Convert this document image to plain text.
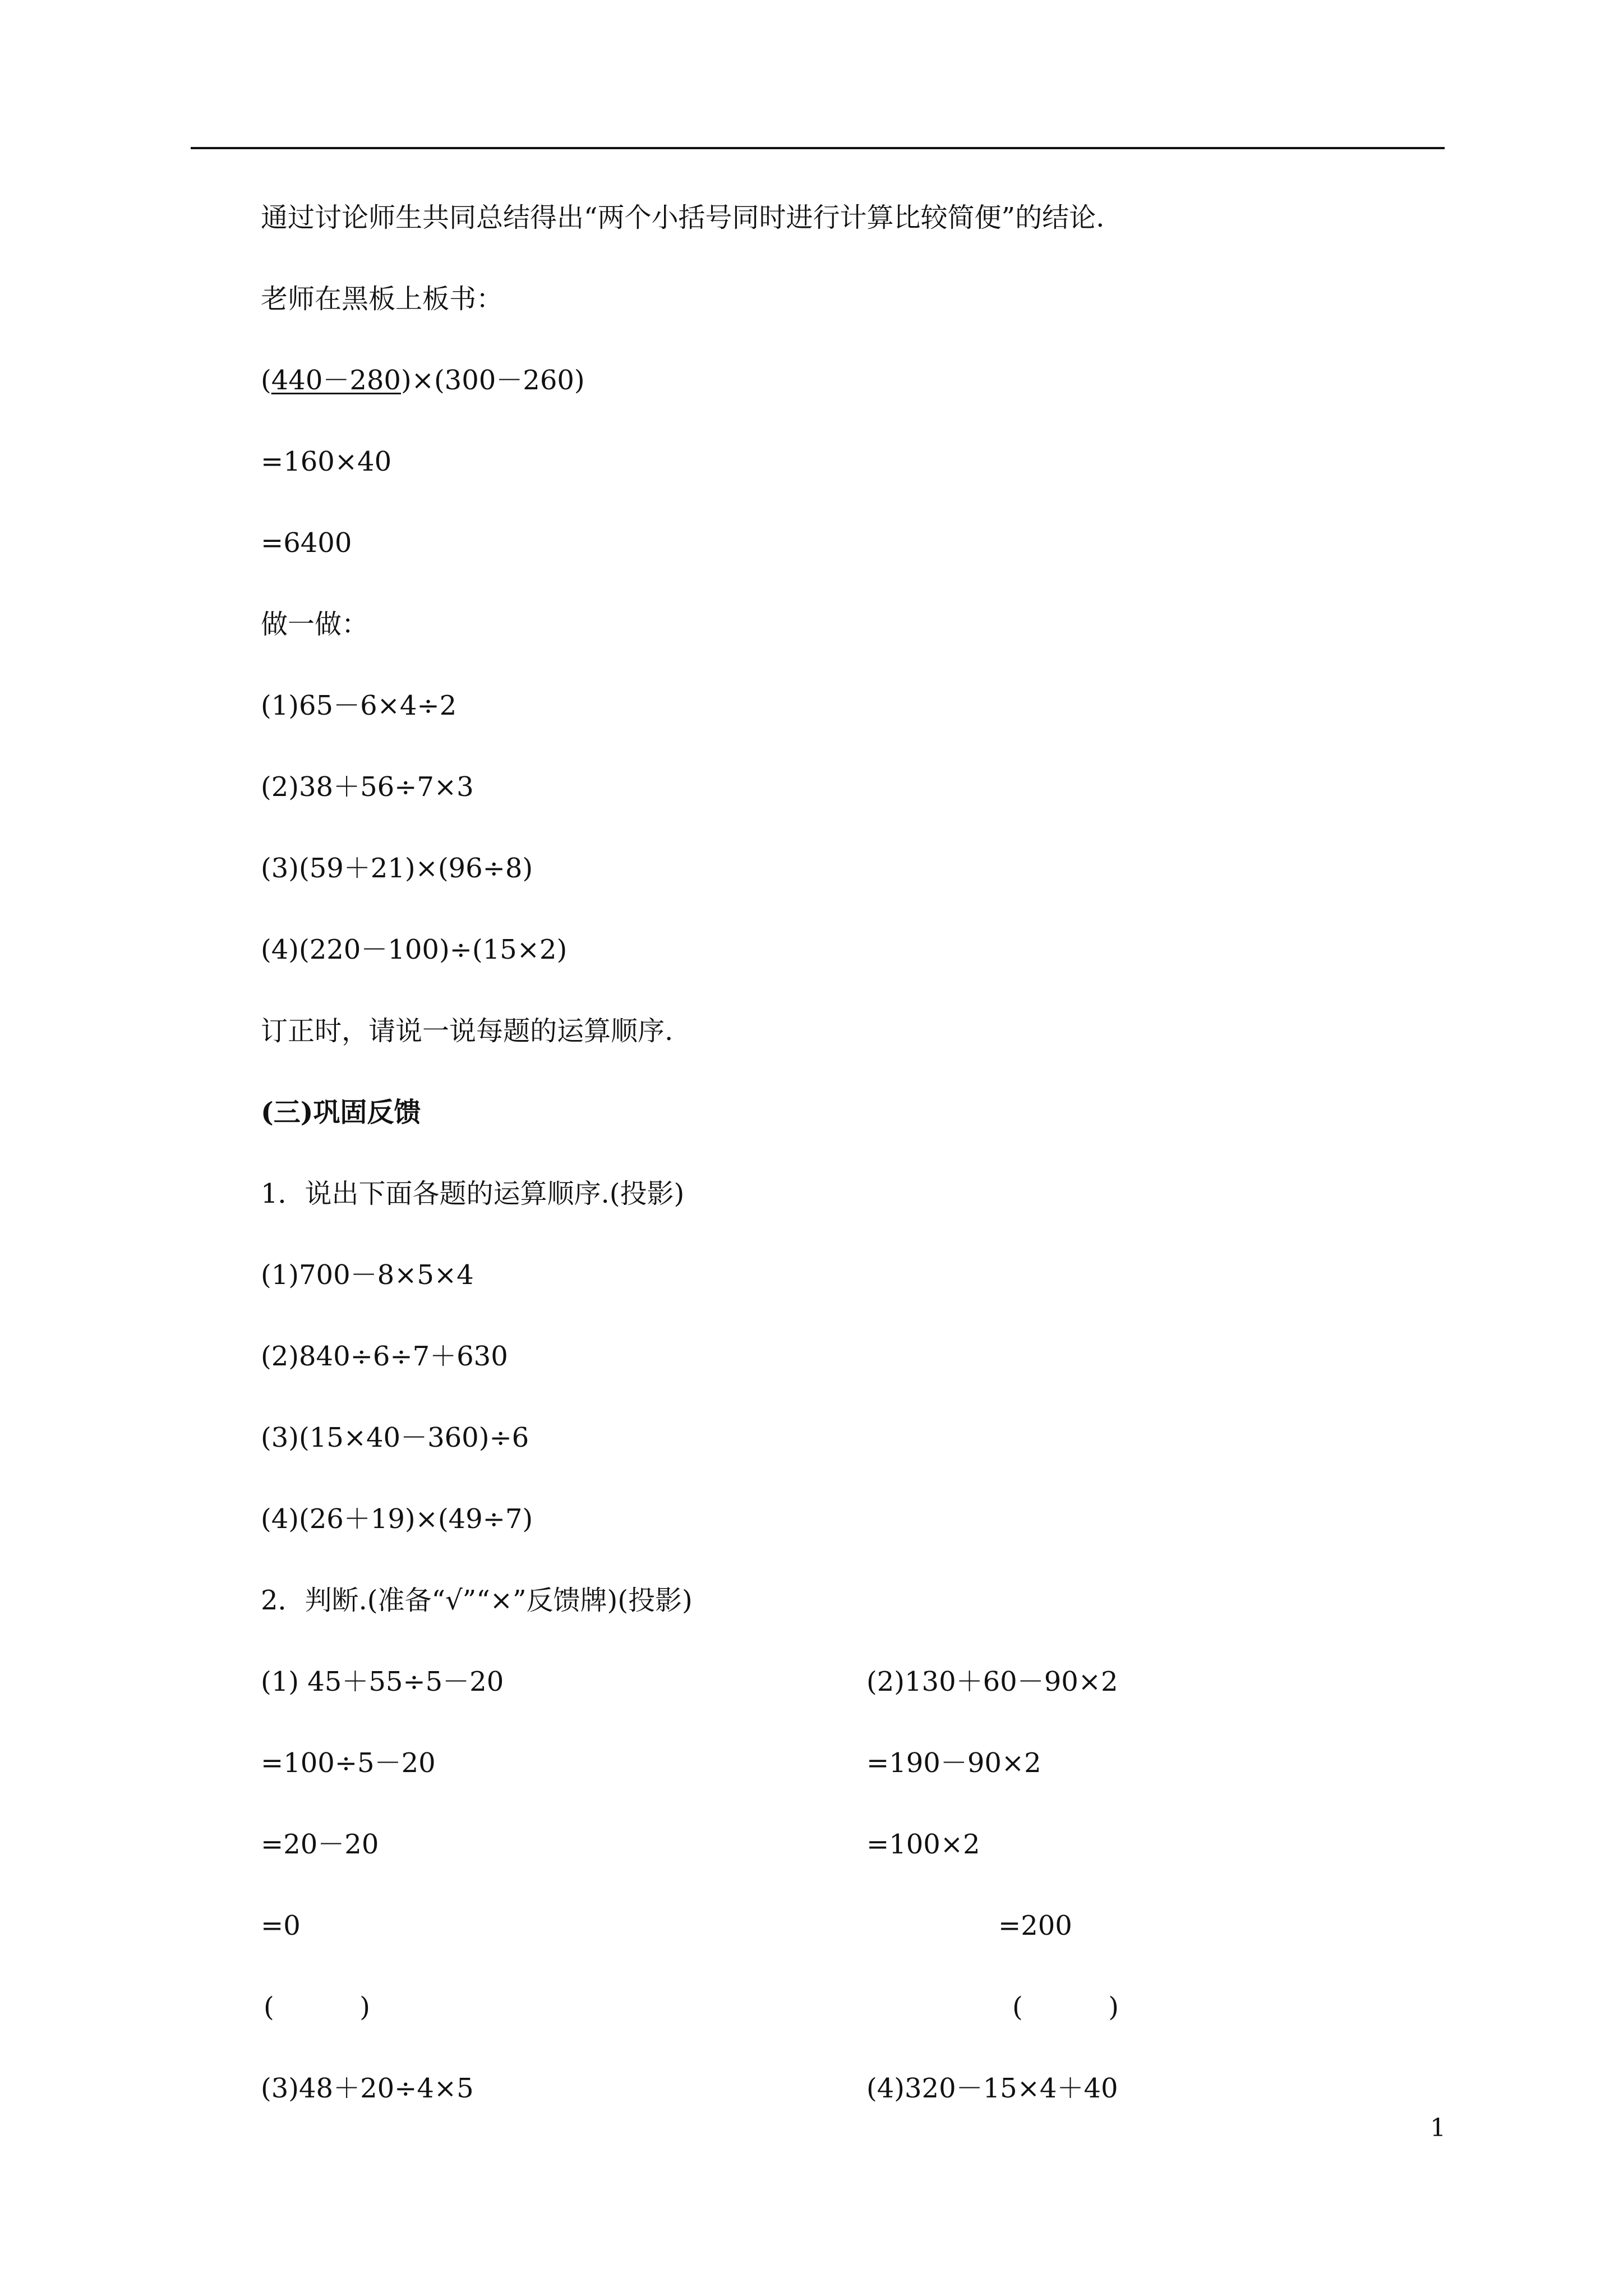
通过讨论师生共同总结得出“两个小括号同时进行计算比较简便”的结论.
老师在黑板上板书：
(440－280)×(300－260)
=160×40
=6400
做一做：
(1)65－6×4÷2
(2)38＋56÷7×3
(3)(59＋21)×(96÷8)
(4)(220－100)÷(15×2)
订正时，请说一说每题的运算顺序.
(三)巩固反馈
1．说出下面各题的运算顺序.(投影)
(1)700－8×5×4
(2)840÷6÷7＋630
(3)(15×40－360)÷6
(4)(26＋19)×(49÷7)
2．判断.(准备“√”“×”反馈牌)(投影)
(1) 45＋55÷5－20	(2)130＋60－90×2
=100÷5－20	=190－90×2
=20－20	=100×2
=0	=200
(          )	(          )
(3)48＋20÷4×5	(4)320－15×4＋40
1
